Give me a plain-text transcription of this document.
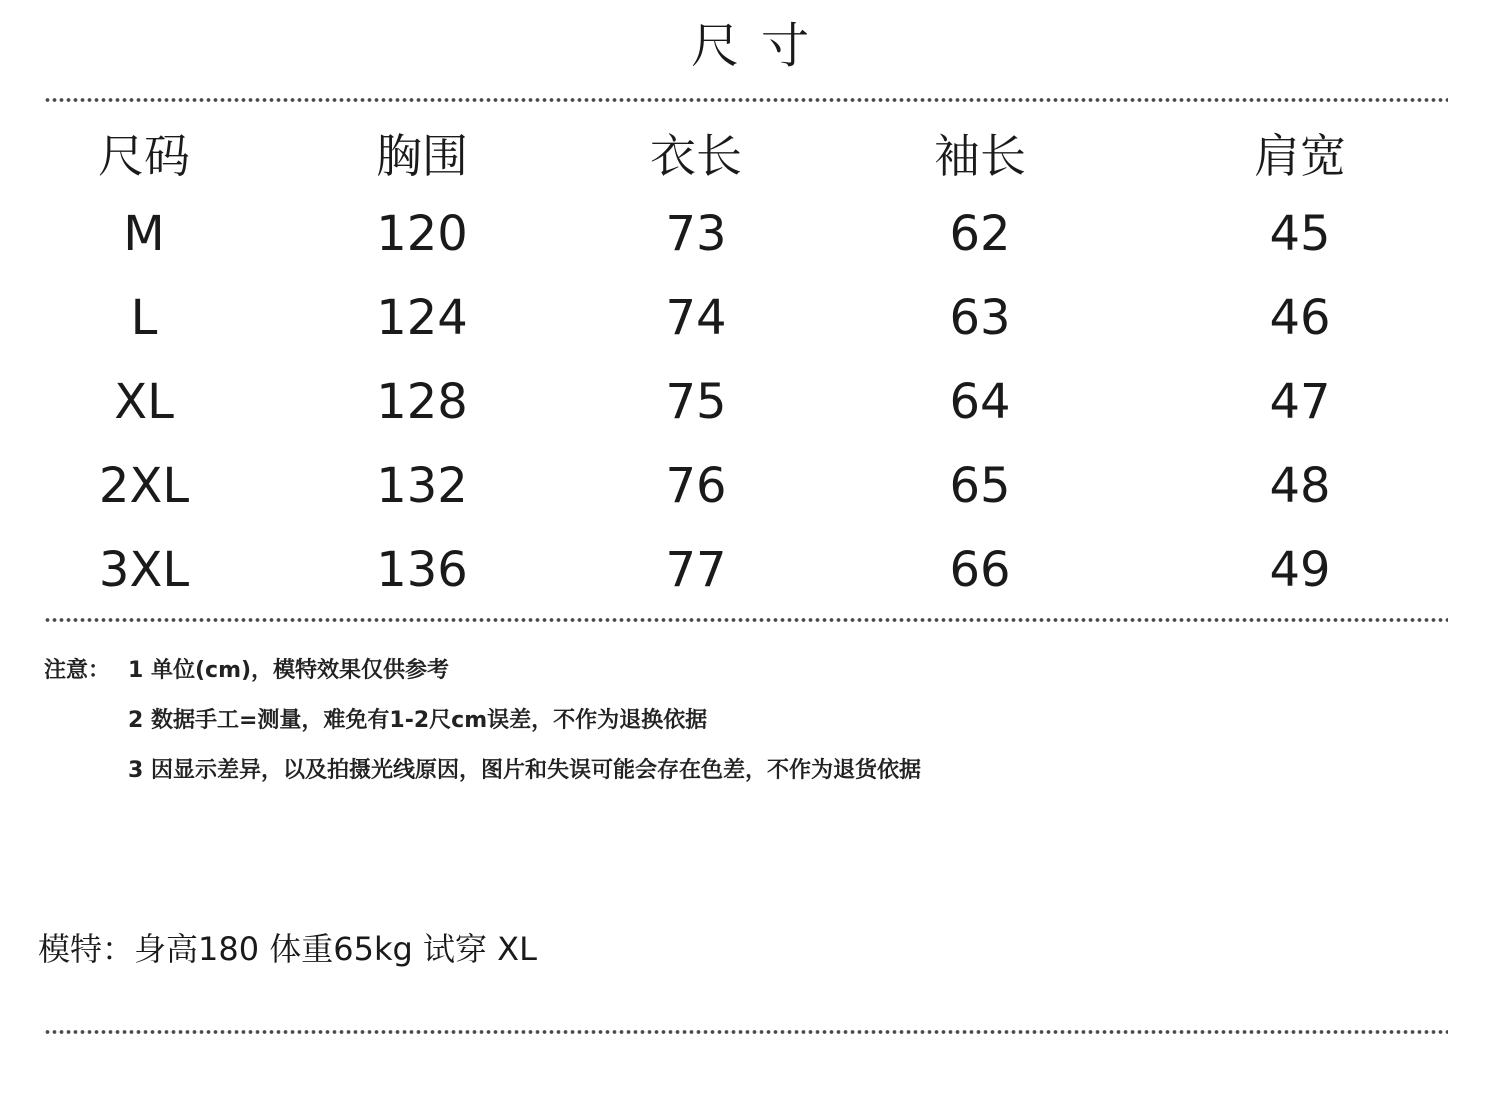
尺寸
尺码	胸围	衣长	袖长	肩宽
M	120	73	62	45
L	124	74	63	46
XL	128	75	64	47
2XL	132	76	65	48
3XL	136	77	66	49
注意： 1 单位(cm)，模特效果仅供参考
2 数据手工=测量，难免有1-2尺cm误差，不作为退换依据
3 因显示差异，以及拍摄光线原因，图片和失误可能会存在色差，不作为退货依据
模特：身高180 体重65kg 试穿 XL
